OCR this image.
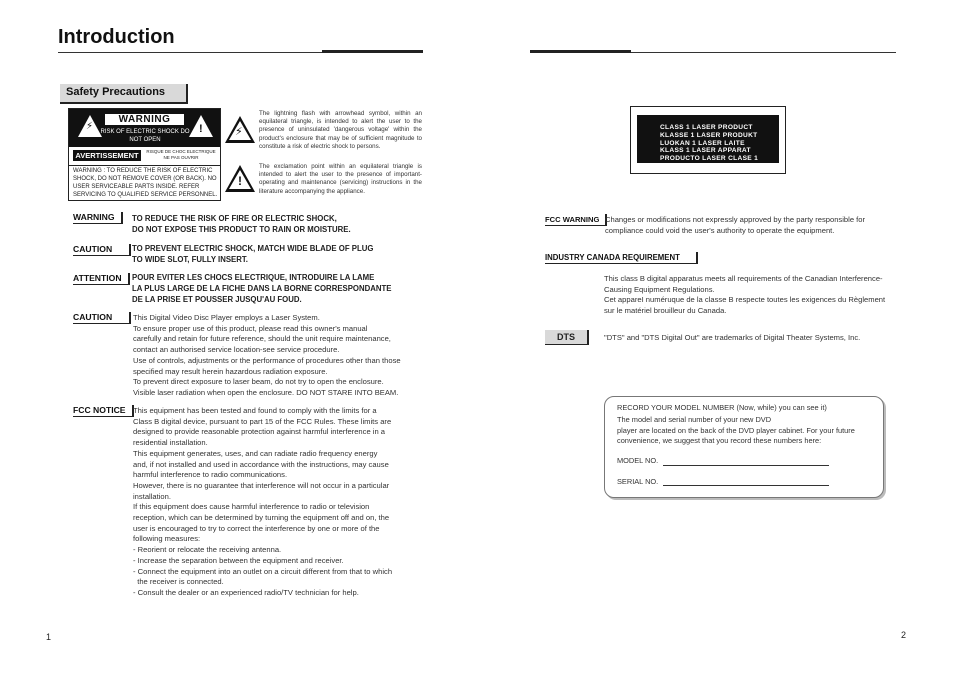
Introduction
Safety Precautions
⚡
WARNING
RISK OF ELECTRIC SHOCK DO NOT OPEN
!
AVERTISSEMENT	RISQUE DE CHOC ELECTRIQUE NE PAS OUVRIR
WARNING : TO REDUCE THE RISK OF ELECTRIC SHOCK, DO NOT REMOVE COVER (OR BACK). NO USER SERVICEABLE PARTS INSIDE. REFER SERVICING TO QUALIFIED SERVICE PERSONNEL.
⚡
The lightning flash with arrowhead symbol, within an equilateral triangle, is intended to alert the user to the presence of uninsulated 'dangerous voltage' within the product's enclosure that may be of sufficient magnitude to constitute a risk of electric shock to persons.
!
The exclamation point within an equilateral triangle is intended to alert the user to the presence of important-operating and maintenance (servicing) instructions in the literature accompanying the appliance.
WARNING	TO REDUCE THE RISK OF FIRE OR ELECTRIC SHOCK,

DO NOT EXPOSE THIS PRODUCT TO RAIN OR MOISTURE.

CAUTION	TO PREVENT ELECTRIC SHOCK, MATCH WIDE BLADE OF PLUG

TO WIDE SLOT, FULLY INSERT.

ATTENTION	POUR EVITER LES CHOCS ELECTRIQUE, INTRODUIRE LA LAME

LA PLUS LARGE DE LA FICHE DANS LA BORNE CORRESPONDANTE

DE LA PRISE ET POUSSER JUSQU'AU FOUD.

CAUTION	This Digital Video Disc Player employs a Laser System.

To ensure proper use of this product, please read this owner's manual

carefully and retain for future reference, should the unit require maintenance,

contact an authorised service location-see service procedure.

Use of controls, adjustments or the performance of procedures other than those

specified may result herein hazardous radiation exposure.

To prevent direct exposure to laser beam, do not try to open the enclosure.

Visible laser radiation when open the enclosure. DO NOT STARE INTO BEAM.

FCC NOTICE This equipment has been tested and found to comply with the limits for a

Class B digital device, pursuant to part 15 of the FCC Rules. These limits are

designed to provide reasonable protection against harmful interference in a

residential installation.

This equipment generates, uses, and can radiate radio frequency energy

and, if not installed and used in accordance with the instructions, may cause

harmful interference to radio communications.

However, there is no guarantee that interference will not occur in a particular

installation.

If this equipment does cause harmful interference to radio or television

reception, which can be determined by turning the equipment off and on, the

user is encouraged to try to correct the interference by one or more of the

following measures:

- Reorient or relocate the receiving antenna.

- Increase the separation between the equipment and receiver.

- Connect the equipment into an outlet on a circuit different from that to which

the receiver is connected.

- Consult the dealer or an experienced radio/TV technician for help.

CLASS 1 LASER PRODUCT
KLASSE 1 LASER PRODUKT
LUOKAN 1 LASER LAITE
KLASS 1 LASER APPARAT
PRODUCTO LASER CLASE 1
FCC WARNING Changes or modifications not expressly approved by the party responsible for

compliance could void the user's authority to operate the equipment.

INDUSTRY CANADA REQUIREMENT

This class B digital apparatus meets all requirements of the Canadian Interference-

Causing Equipment Regulations.

Cet appareI numéruque de la classe B respecte toutes les exigences du Règlement

sur le matériel brouilleur du Canada.

DTS	"DTS" and "DTS Digital Out" are trademarks of Digital Theater Systems, Inc.
RECORD YOUR MODEL NUMBER (Now, while) you can see it)
The model and serial number of your new DVD
player are located on the back of the DVD player cabinet. For your future
convenience, we suggest that you record these numbers here:
MODEL NO.
SERIAL NO.
1	2
